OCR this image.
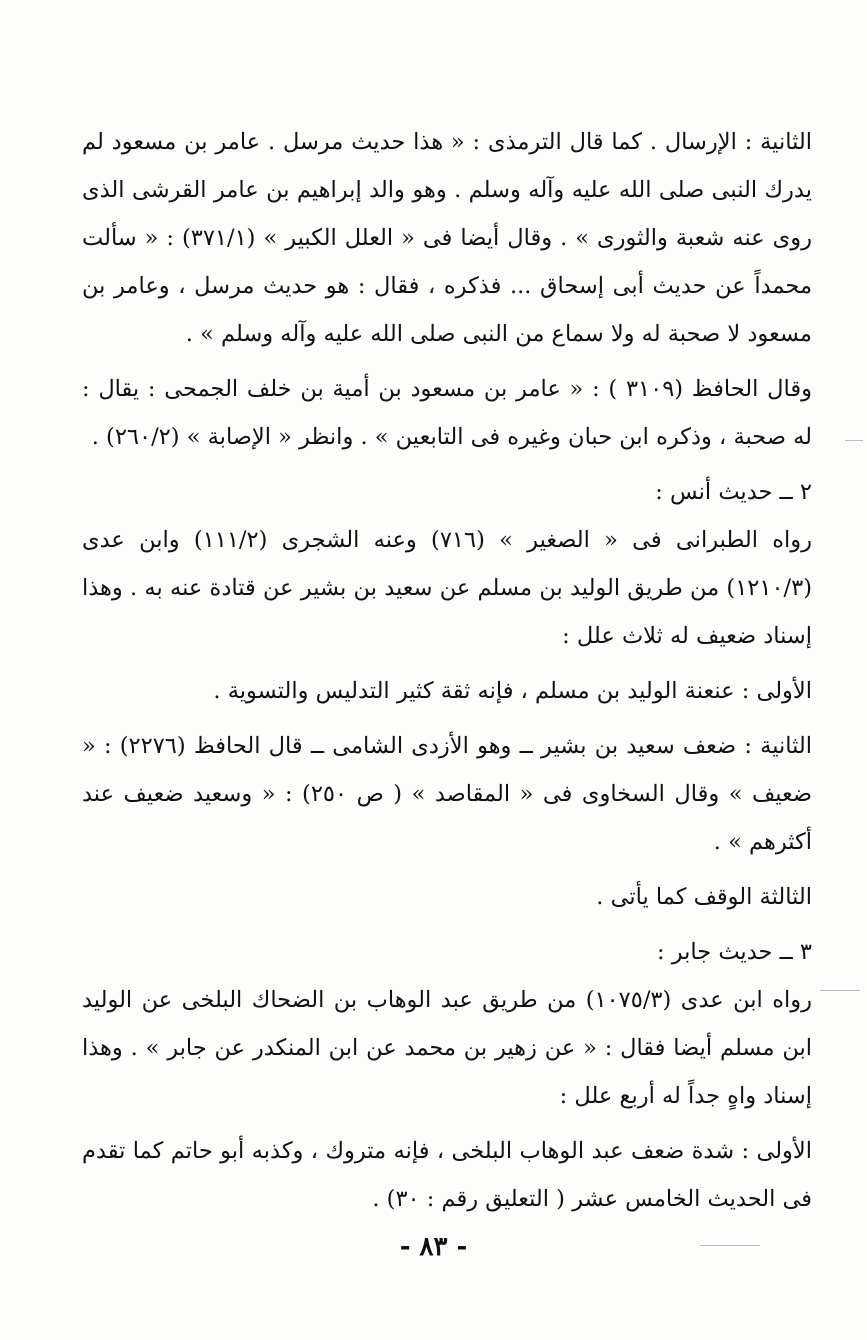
الثانية : الإرسال . كما قال الترمذى : « هذا حديث مرسل . عامر بن مسعود لم يدرك النبى صلى الله عليه وآله وسلم . وهو والد إبراهيم بن عامر القرشى الذى روى عنه شعبة والثورى » . وقال أيضا فى « العلل الكبير » (٣٧١/١) : « سألت محمداً عن حديث أبى إسحاق ... فذكره ، فقال : هو حديث مرسل ، وعامر بن مسعود لا صحبة له ولا سماع من النبى صلى الله عليه وآله وسلم » .

وقال الحافظ (٣١٠٩ ) : « عامر بن مسعود بن أمية بن خلف الجمحى : يقال : له صحبة ، وذكره ابن حبان وغيره فى التابعين » . وانظر « الإصابة » (٢٦٠/٢) .

٢ ــ حديث أنس :

رواه الطبرانى فى « الصغير » (٧١٦) وعنه الشجرى (١١١/٢) وابن عدى (١٢١٠/٣) من طريق الوليد بن مسلم عن سعيد بن بشير عن قتادة عنه به . وهذا إسناد ضعيف له ثلاث علل :

الأولى : عنعنة الوليد بن مسلم ، فإنه ثقة كثير التدليس والتسوية .

الثانية : ضعف سعيد بن بشير ــ وهو الأزدى الشامى ــ قال الحافظ (٢٢٧٦) : « ضعيف » وقال السخاوى فى « المقاصد » ( ص ٢٥٠) : « وسعيد ضعيف عند أكثرهم » .

الثالثة الوقف كما يأتى .

٣ ــ حديث جابر :

رواه ابن عدى (١٠٧٥/٣) من طريق عبد الوهاب بن الضحاك البلخى عن الوليد ابن مسلم أيضا فقال : « عن زهير بن محمد عن ابن المنكدر عن جابر » . وهذا إسناد واهٍ جداً له أربع علل :

الأولى : شدة ضعف عبد الوهاب البلخى ، فإنه متروك ، وكذبه أبو حاتم كما تقدم فى الحديث الخامس عشر ( التعليق رقم : ٣٠) .

- ٨٣ -
